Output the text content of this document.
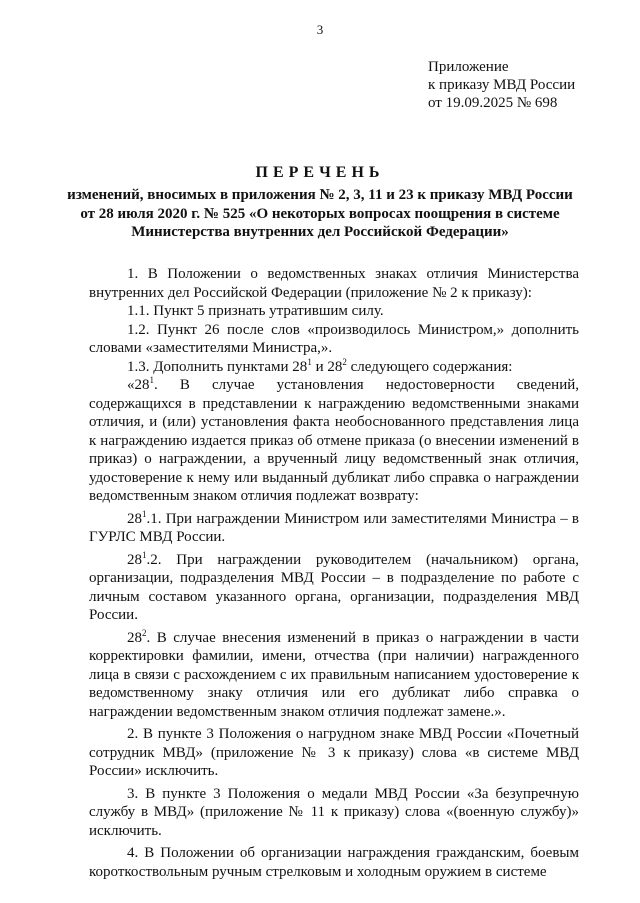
3
Приложение
к приказу МВД России
от 19.09.2025 № 698
ПЕРЕЧЕНЬ
изменений, вносимых в приложения № 2, 3, 11 и 23 к приказу МВД России от 28 июля 2020 г. № 525 «О некоторых вопросах поощрения в системе Министерства внутренних дел Российской Федерации»

1. В Положении о ведомственных знаках отличия Министерства внутренних дел Российской Федерации (приложение № 2 к приказу):

1.1. Пункт 5 признать утратившим силу.

1.2. Пункт 26 после слов «производилось Министром,» дополнить словами «заместителями Министра,».

1.3. Дополнить пунктами $28^1$ и $28^2$ следующего содержания:

«$28^1$. В случае установления недостоверности сведений, содержащихся в представлении к награждению ведомственными знаками отличия, и (или) установления факта необоснованного представления лица к награждению издается приказ об отмене приказа (о внесении изменений в приказ) о награждении, а врученный лицу ведомственный знак отличия, удостоверение к нему или выданный дубликат либо справка о награждении ведомственным знаком отличия подлежат возврату:

$28^1.1$. При награждении Министром или заместителями Министра – в ГУРЛС МВД России.

$28^1.2$. При награждении руководителем (начальником) органа, организации, подразделения МВД России – в подразделение по работе с личным составом указанного органа, организации, подразделения МВД России.

$28^2$. В случае внесения изменений в приказ о награждении в части корректировки фамилии, имени, отчества (при наличии) награжденного лица в связи с расхождением с их правильным написанием удостоверение к ведомственному знаку отличия или его дубликат либо справка о награждении ведомственным знаком отличия подлежат замене.».

2. В пункте 3 Положения о нагрудном знаке МВД России «Почетный сотрудник МВД» (приложение № 3 к приказу) слова «в системе МВД России» исключить.

3. В пункте 3 Положения о медали МВД России «За безупречную службу в МВД» (приложение № 11 к приказу) слова «(военную службу)» исключить.

4. В Положении об организации награждения гражданским, боевым короткоствольным ручным стрелковым и холодным оружием в системе
